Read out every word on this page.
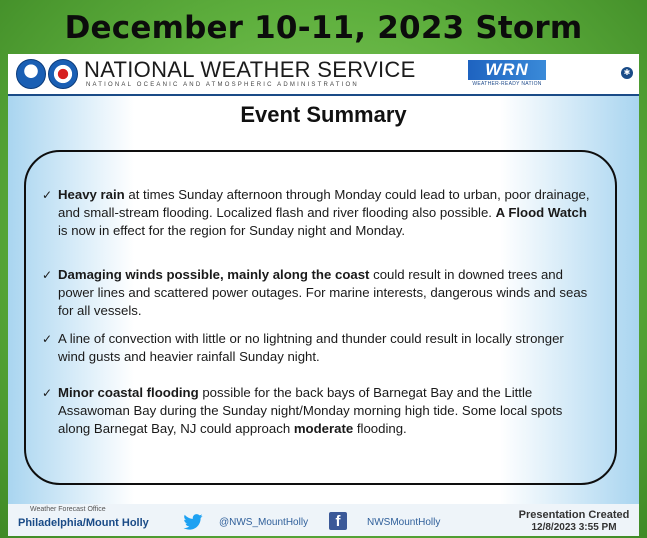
December 10-11, 2023 Storm
NATIONAL WEATHER SERVICE
NATIONAL OCEANIC AND ATMOSPHERIC ADMINISTRATION
WRN
WEATHER-READY NATION
✱
Event Summary
✓ Heavy rain at times Sunday afternoon through Monday could lead to urban, poor drainage, and small-stream flooding. Localized flash and river flooding also possible. A Flood Watch is now in effect for the region for Sunday night and Monday.
✓ Damaging winds possible, mainly along the coast could result in downed trees and power lines and scattered power outages. For marine interests, dangerous winds and seas for all vessels.
✓ A line of convection with little or no lightning and thunder could result in locally stronger wind gusts and heavier rainfall Sunday night.
✓ Minor coastal flooding possible for the back bays of Barnegat Bay and the Little Assawoman Bay during the Sunday night/Monday morning high tide. Some local spots along Barnegat Bay, NJ could approach moderate flooding.
Weather Forecast Office
Philadelphia/Mount Holly	@NWS_MountHolly	f	NWSMountHolly
Presentation Created
12/8/2023 3:55 PM
